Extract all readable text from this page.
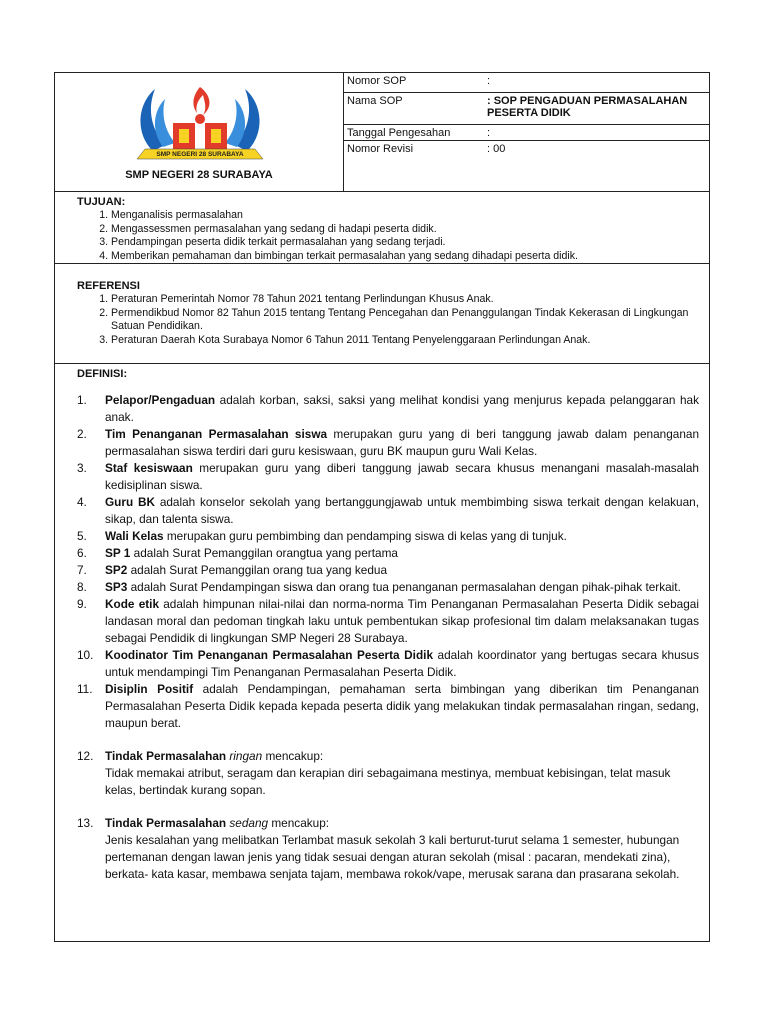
SMP NEGERI 28 SURABAYA
SMP NEGERI 28 SURABAYA
Nomor SOP	:
Nama SOP	: SOP PENGADUAN PERMASALAHAN PESERTA DIDIK
Tanggal Pengesahan	:
Nomor Revisi	: 00
TUJUAN:
1. Menganalisis permasalahan
2. Mengassessmen permasalahan yang sedang di hadapi peserta didik.
3. Pendampingan peserta didik terkait permasalahan yang sedang terjadi.
4. Memberikan pemahaman dan bimbingan terkait permasalahan yang sedang dihadapi peserta didik.
REFERENSI
1. Peraturan Pemerintah Nomor 78 Tahun 2021 tentang Perlindungan Khusus Anak.
2. Permendikbud Nomor 82 Tahun 2015 tentang Tentang Pencegahan dan Penanggulangan Tindak Kekerasan di Lingkungan Satuan Pendidikan.
3. Peraturan Daerah Kota Surabaya Nomor 6 Tahun 2011 Tentang Penyelenggaraan Perlindungan Anak.
DEFINISI:
1.	Pelapor/Pengaduan adalah korban, saksi, saksi yang melihat kondisi yang menjurus kepada pelanggaran hak anak.
2.	Tim Penanganan Permasalahan siswa merupakan guru yang di beri tanggung jawab dalam penanganan permasalahan siswa terdiri dari guru kesiswaan, guru BK maupun guru Wali Kelas.
3.	Staf kesiswaan merupakan guru yang diberi tanggung jawab secara khusus menangani masalah-masalah kedisiplinan siswa.
4.	Guru BK adalah konselor sekolah yang bertanggungjawab untuk membimbing siswa terkait dengan kelakuan, sikap, dan talenta siswa.
5.	Wali Kelas merupakan guru pembimbing dan pendamping siswa di kelas yang di tunjuk.
6.	SP 1 adalah Surat Pemanggilan orangtua yang pertama
7.	SP2 adalah Surat Pemanggilan orang tua yang kedua
8.	SP3 adalah Surat Pendampingan siswa dan orang tua penanganan permasalahan dengan pihak-pihak terkait.
9.	Kode etik adalah himpunan nilai-nilai dan norma-norma Tim Penanganan Permasalahan Peserta Didik sebagai landasan moral dan pedoman tingkah laku untuk pembentukan sikap profesional tim dalam melaksanakan tugas sebagai Pendidik di lingkungan SMP Negeri 28 Surabaya.
10. Koodinator Tim Penanganan Permasalahan Peserta Didik adalah koordinator yang bertugas secara khusus untuk mendampingi Tim Penanganan Permasalahan Peserta Didik.
11.	Disiplin Positif adalah Pendampingan, pemahaman serta bimbingan yang diberikan tim Penanganan Permasalahan Peserta Didik kepada kepada peserta didik yang melakukan tindak permasalahan ringan, sedang, maupun berat.
12. Tindak Permasalahan ringan mencakup:
Tidak memakai atribut, seragam dan kerapian diri sebagaimana mestinya, membuat kebisingan, telat masuk kelas, bertindak kurang sopan.
13. Tindak Permasalahan sedang mencakup:
Jenis kesalahan yang melibatkan Terlambat masuk sekolah 3 kali berturut-turut selama 1 semester, hubungan pertemanan dengan lawan jenis yang tidak sesuai dengan aturan sekolah (misal : pacaran, mendekati zina), berkata- kata kasar, membawa senjata tajam, membawa rokok/vape, merusak sarana dan prasarana sekolah.
